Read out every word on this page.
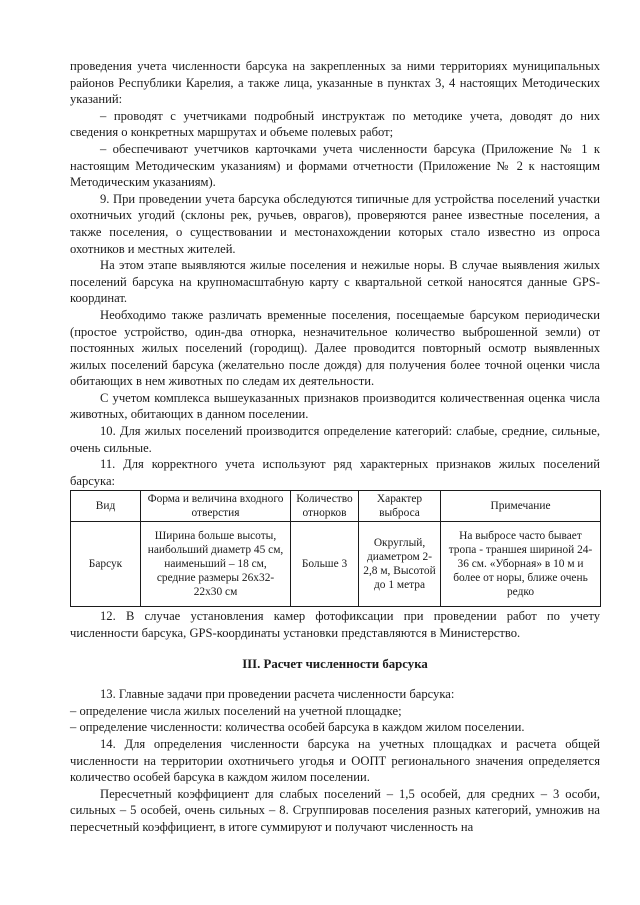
проведения учета численности барсука на закрепленных за ними территориях муниципальных районов Республики Карелия, а также лица, указанные в пунктах 3, 4 настоящих Методических указаний:

– проводят с учетчиками подробный инструктаж по методике учета, доводят до них сведения о конкретных маршрутах и объеме полевых работ;

– обеспечивают учетчиков карточками учета численности барсука (Приложение № 1 к настоящим Методическим указаниям) и формами отчетности (Приложение № 2 к настоящим Методическим указаниям).

9. При проведении учета барсука обследуются типичные для устройства поселений участки охотничьих угодий (склоны рек, ручьев, оврагов), проверяются ранее известные поселения, а также поселения, о существовании и местонахождении которых стало известно из опроса охотников и местных жителей.

На этом этапе выявляются жилые поселения и нежилые норы. В случае выявления жилых поселений барсука на крупномасштабную карту с квартальной сеткой наносятся данные GPS-координат.

Необходимо также различать временные поселения, посещаемые барсуком периодически (простое устройство, один-два отнорка, незначительное количество выброшенной земли) от постоянных жилых поселений (городищ). Далее проводится повторный осмотр выявленных жилых поселений барсука (желательно после дождя) для получения более точной оценки числа обитающих в нем животных по следам их деятельности.

С учетом комплекса вышеуказанных признаков производится количественная оценка числа животных, обитающих в данном поселении.

10. Для жилых поселений производится определение категорий: слабые, средние, сильные, очень сильные.

11. Для корректного учета используют ряд характерных признаков жилых поселений барсука:

Вид	Форма и величина входного отверстия	Количество отнорков	Характер выброса	Примечание
Барсук	Ширина больше высоты, наибольший диаметр 45 см, наименьший – 18 см, средние размеры 26х32-22х30 см	Больше 3	Округлый, диаметром 2-2,8 м, Высотой до 1 метра	На выбросе часто бывает тропа - траншея шириной 24-36 см. «Уборная» в 10 м и более от норы, ближе очень редко

12. В случае установления камер фотофиксации при проведении работ по учету численности барсука, GPS-координаты установки представляются в Министерство.

III. Расчет численности барсука

13. Главные задачи при проведении расчета численности барсука:

– определение числа жилых поселений на учетной площадке;

– определение численности: количества особей барсука в каждом жилом поселении.

14. Для определения численности барсука на учетных площадках и расчета общей численности на территории охотничьего угодья и ООПТ регионального значения определяется количество особей барсука в каждом жилом поселении.

Пересчетный коэффициент для слабых поселений – 1,5 особей, для средних – 3 особи, сильных – 5 особей, очень сильных – 8. Сгруппировав поселения разных категорий, умножив на пересчетный коэффициент, в итоге суммируют и получают численность на
